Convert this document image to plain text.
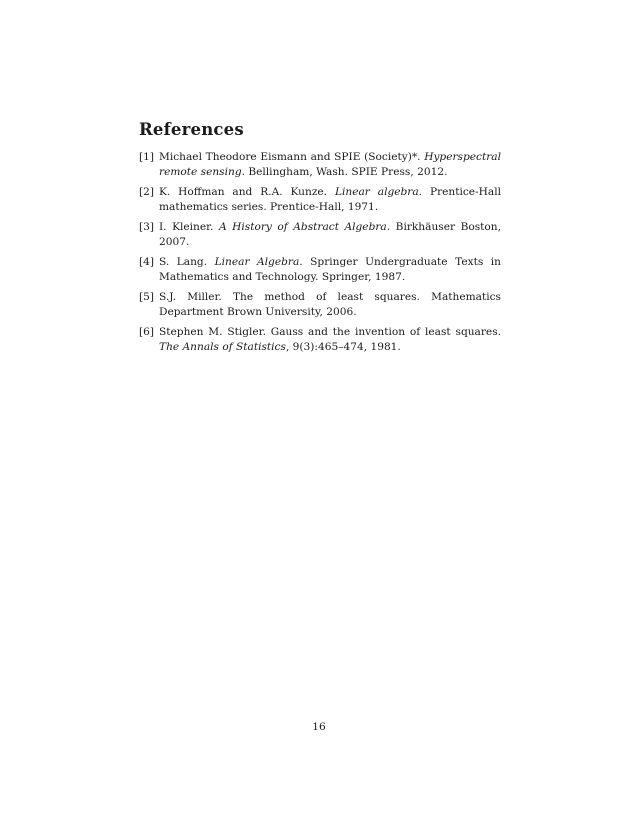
References
[1] Michael Theodore Eismann and SPIE (Society)*. Hyperspectral remote sensing. Bellingham, Wash. SPIE Press, 2012.
[2] K. Hoffman and R.A. Kunze. Linear algebra. Prentice-Hall mathematics series. Prentice-Hall, 1971.
[3] I. Kleiner. A History of Abstract Algebra. Birkhäuser Boston, 2007.
[4] S. Lang. Linear Algebra. Springer Undergraduate Texts in Mathematics and Technology. Springer, 1987.
[5] S.J. Miller. The method of least squares. Mathematics Department Brown University, 2006.
[6] Stephen M. Stigler. Gauss and the invention of least squares. The Annals of Statistics, 9(3):465–474, 1981.
16
